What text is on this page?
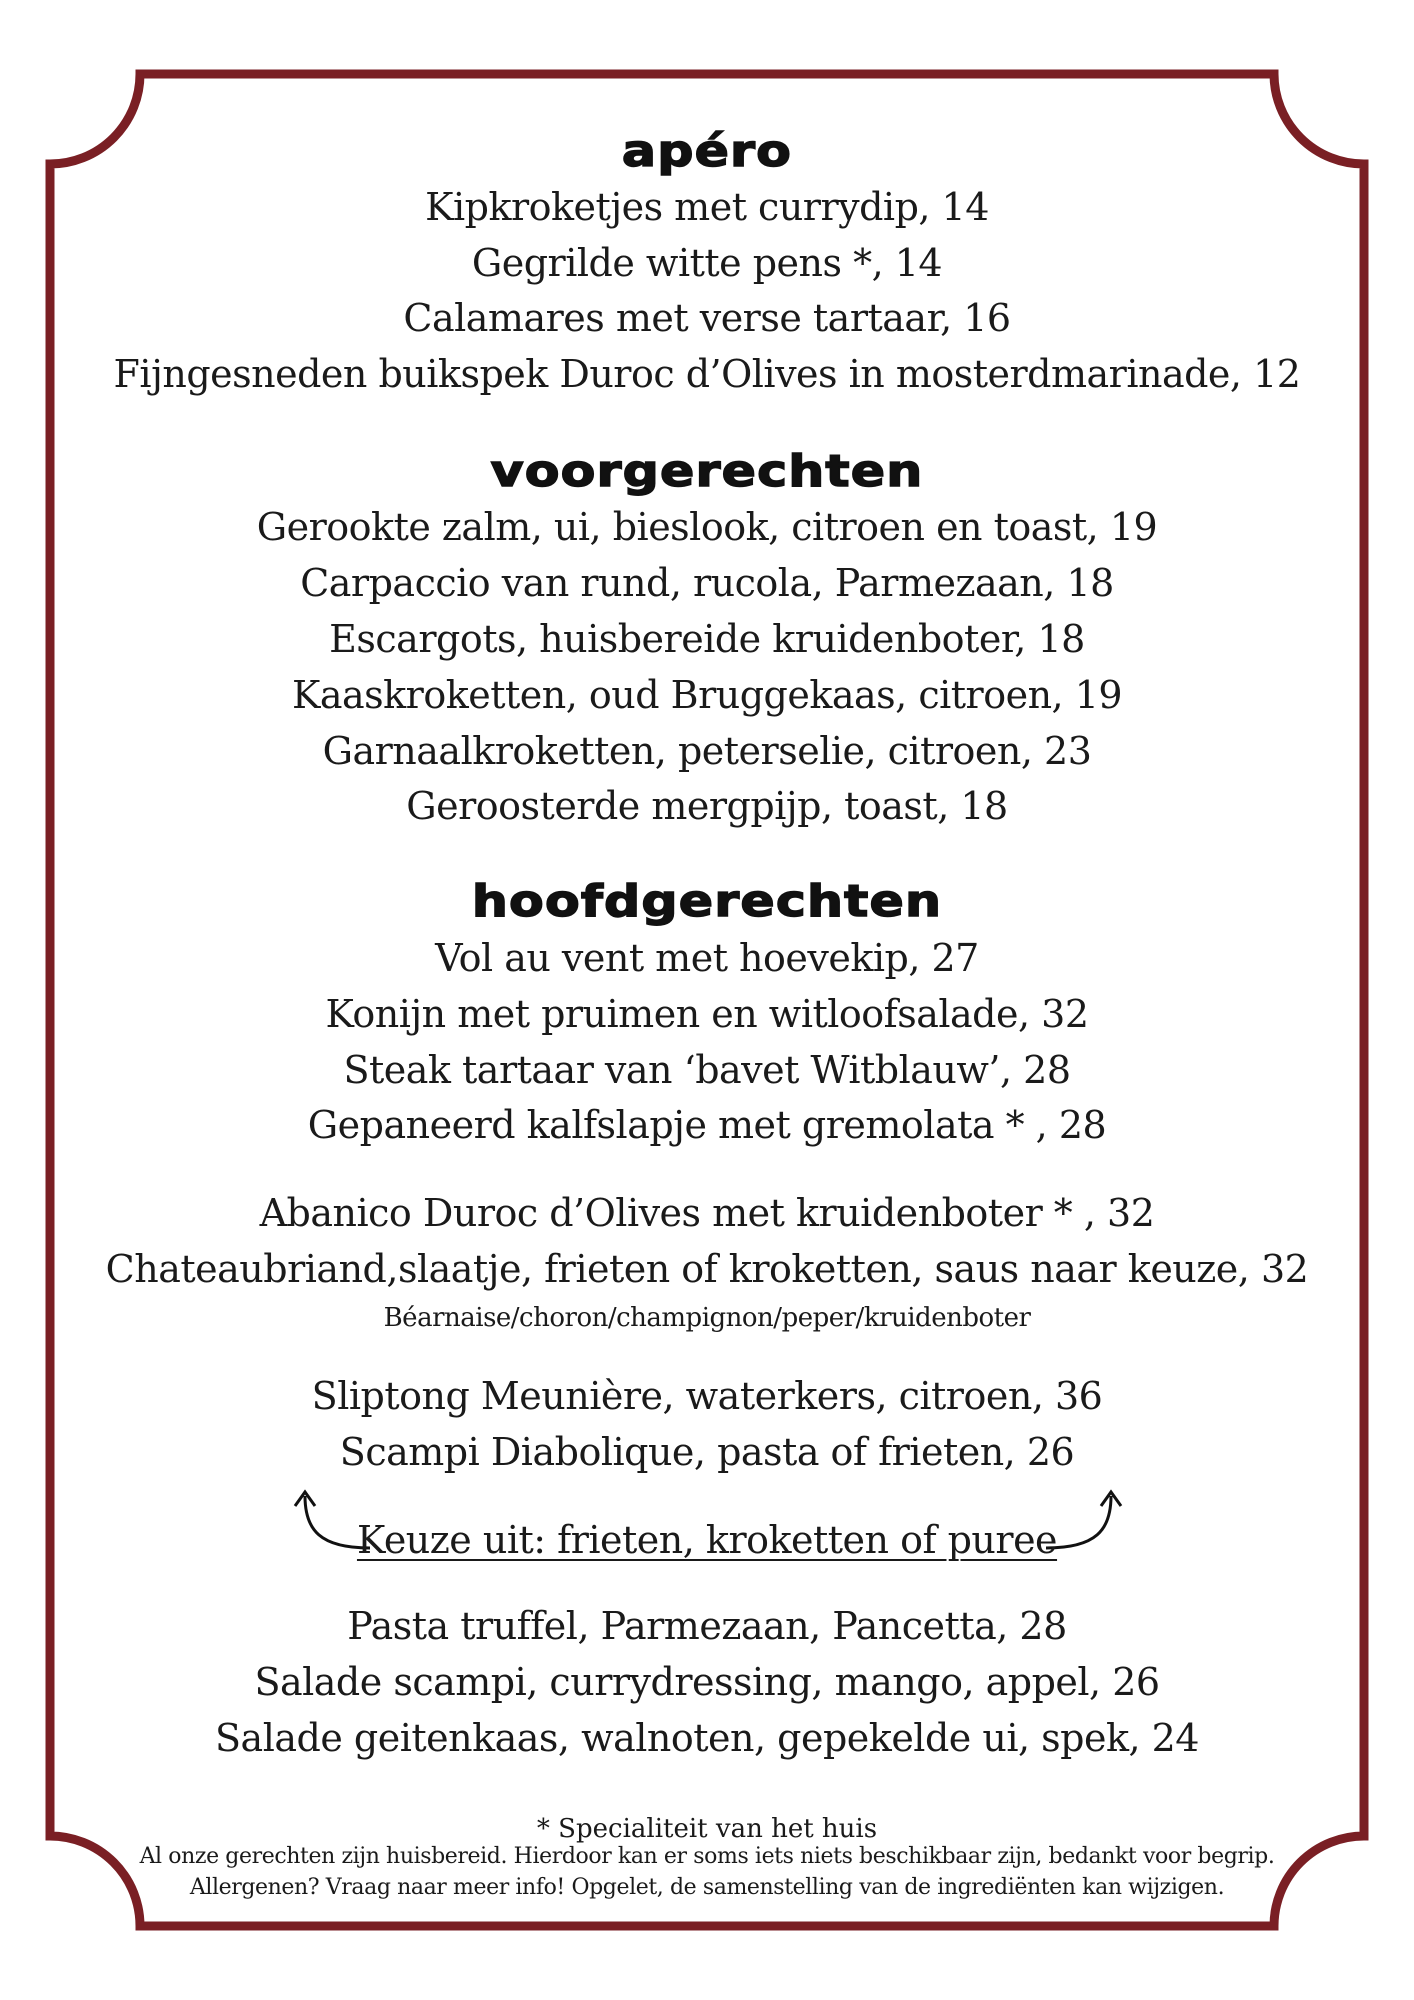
apéro
Kipkroketjes met currydip, 14
Gegrilde witte pens *, 14
Calamares met verse tartaar, 16
Fijngesneden buikspek Duroc d’Olives in mosterdmarinade, 12
voorgerechten
Gerookte zalm, ui, bieslook, citroen en toast, 19
Carpaccio van rund, rucola, Parmezaan, 18
Escargots, huisbereide kruidenboter, 18
Kaaskroketten, oud Bruggekaas, citroen, 19
Garnaalkroketten, peterselie, citroen, 23
Geroosterde mergpijp, toast, 18
hoofdgerechten
Vol au vent met hoevekip, 27
Konijn met pruimen en witloofsalade, 32
Steak tartaar van ‘bavet Witblauw’, 28
Gepaneerd kalfslapje met gremolata * , 28
Abanico Duroc d’Olives met kruidenboter * , 32
Chateaubriand,slaatje, frieten of kroketten, saus naar keuze, 32
Béarnaise/choron/champignon/peper/kruidenboter
Sliptong Meunière, waterkers, citroen, 36
Scampi Diabolique, pasta of frieten, 26
Keuze uit: frieten, kroketten of puree
Pasta truffel, Parmezaan, Pancetta, 28
Salade scampi, currydressing, mango, appel, 26
Salade geitenkaas, walnoten, gepekelde ui, spek, 24
* Specialiteit van het huis
Al onze gerechten zijn huisbereid. Hierdoor kan er soms iets niets beschikbaar zijn, bedankt voor begrip.
Allergenen? Vraag naar meer info! Opgelet, de samenstelling van de ingrediënten kan wijzigen.
